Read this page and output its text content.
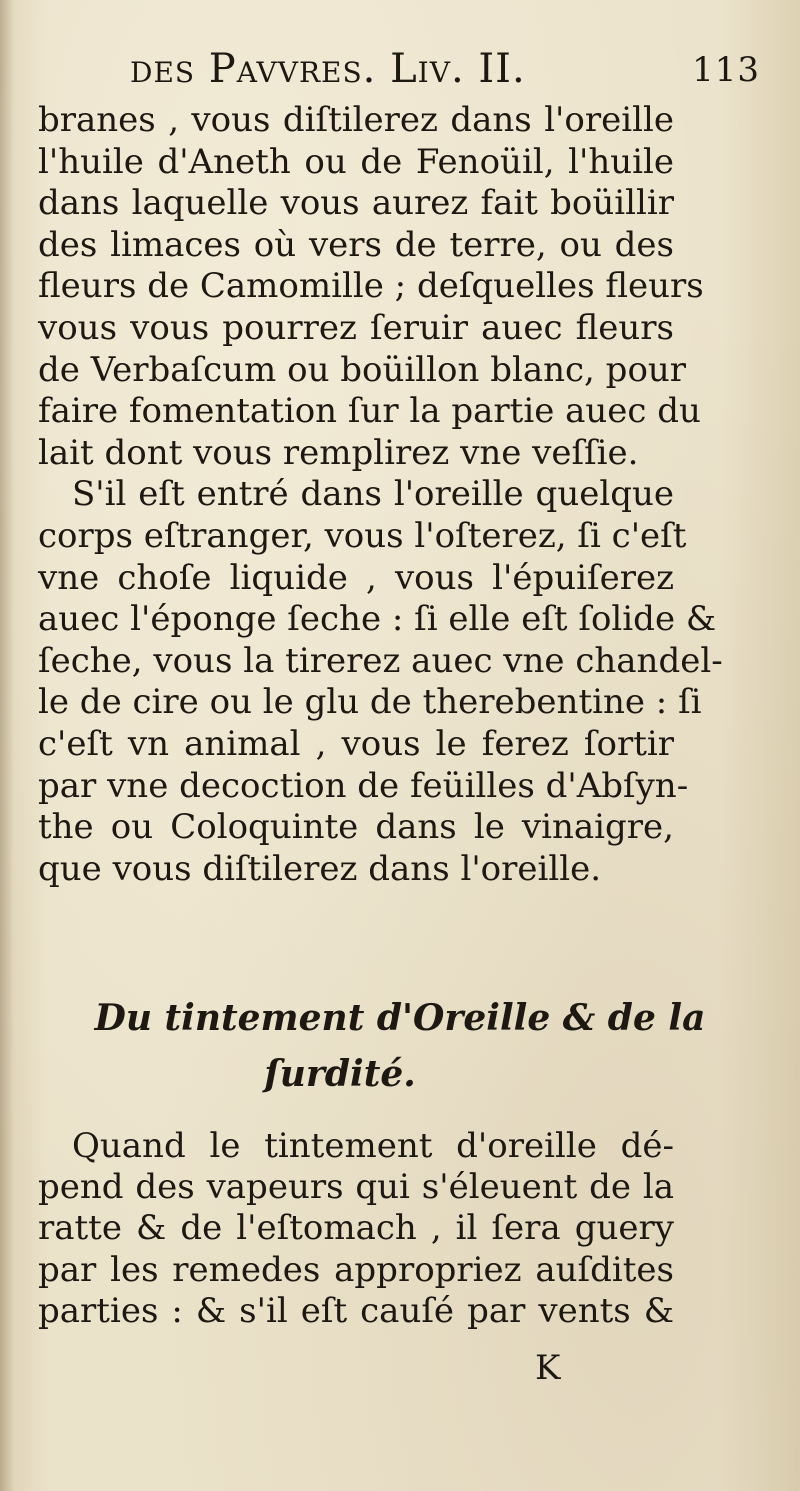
des Pavvres. Liv. II.	113
branes , vous diſtilerez dans l'oreille
l'huile d'Aneth ou de Fenoüil, l'huile
dans laquelle vous aurez fait boüillir
des limaces où vers de terre, ou des
fleurs de Camomille ; deſquelles fleurs
vous vous pourrez ſeruir auec fleurs
de Verbaſcum ou boüillon blanc, pour
faire fomentation ſur la partie auec du
lait dont vous remplirez vne veſſie.
S'il eſt entré dans l'oreille quelque
corps eſtranger, vous l'oſterez, ſi c'eſt
vne choſe liquide , vous l'épuiſerez
auec l'éponge ſeche : ſi elle eſt ſolide &
ſeche, vous la tirerez auec vne chandel-
le de cire ou le glu de therebentine : ſi
c'eſt vn animal , vous le ferez ſortir
par vne decoction de feüilles d'Abſyn-
the ou Coloquinte dans le vinaigre,
que vous diſtilerez dans l'oreille.
Du tintement d'Oreille & de la
ſurdité.
Quand le tintement d'oreille dé-
pend des vapeurs qui s'éleuent de la
ratte & de l'eſtomach , il ſera guery
par les remedes appropriez auſdites
parties : & s'il eſt cauſé par vents &
K
